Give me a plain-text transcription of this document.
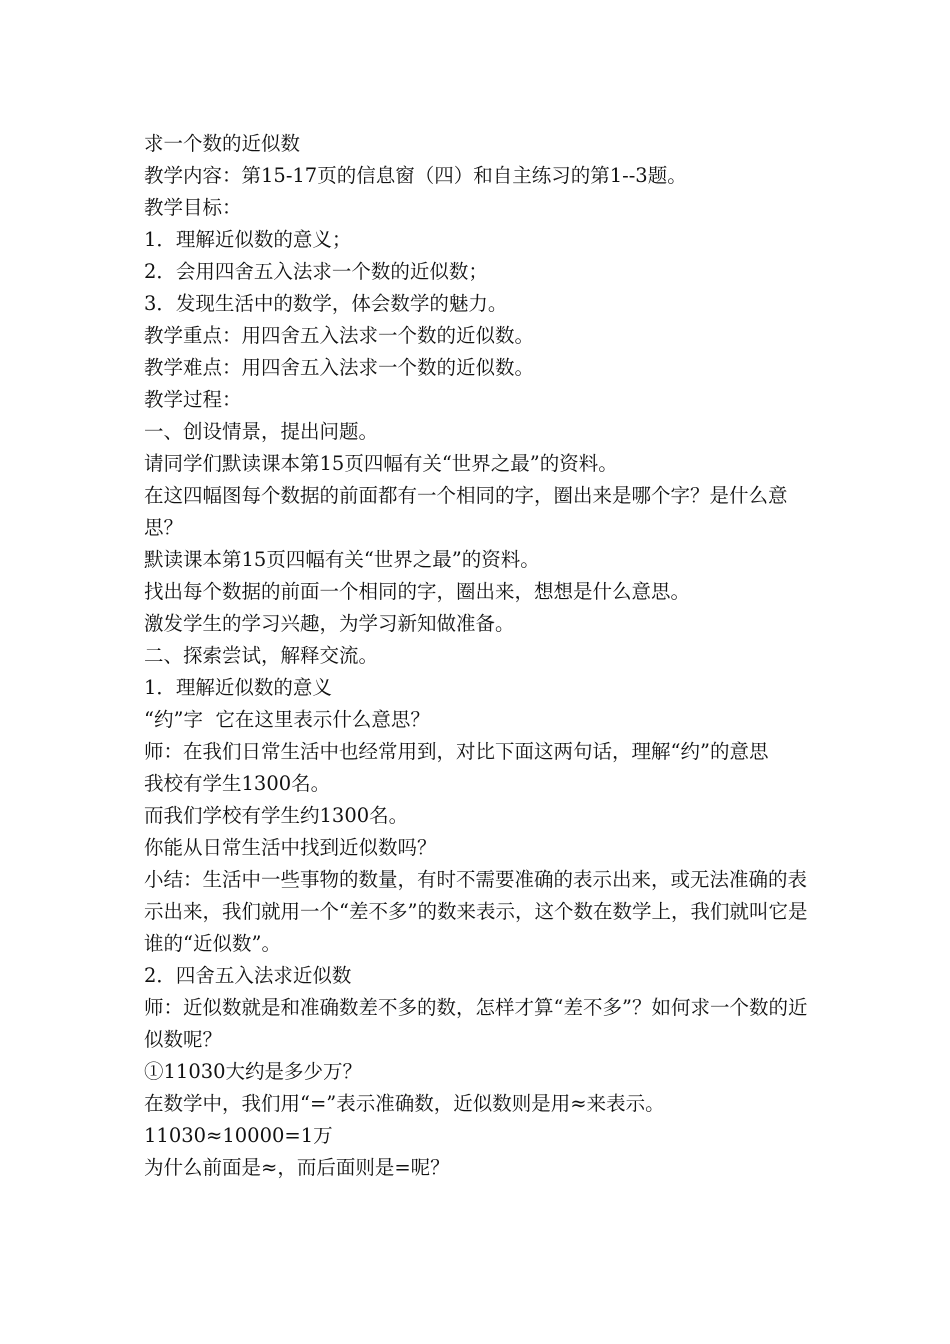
求一个数的近似数

教学内容：第15-17页的信息窗（四）和自主练习的第1--3题。

教学目标：

1．理解近似数的意义；

2．会用四舍五入法求一个数的近似数；

3．发现生活中的数学，体会数学的魅力。

教学重点：用四舍五入法求一个数的近似数。

教学难点：用四舍五入法求一个数的近似数。

教学过程：

一、创设情景，提出问题。

请同学们默读课本第15页四幅有关“世界之最”的资料。

在这四幅图每个数据的前面都有一个相同的字，圈出来是哪个字？是什么意思？

默读课本第15页四幅有关“世界之最”的资料。

找出每个数据的前面一个相同的字，圈出来，想想是什么意思。

激发学生的学习兴趣，为学习新知做准备。

二、探索尝试，解释交流。

1．理解近似数的意义

“约”字  它在这里表示什么意思？

师：在我们日常生活中也经常用到，对比下面这两句话，理解“约”的意思

我校有学生1300名。

而我们学校有学生约1300名。

你能从日常生活中找到近似数吗？

小结：生活中一些事物的数量，有时不需要准确的表示出来，或无法准确的表示出来，我们就用一个“差不多”的数来表示，这个数在数学上，我们就叫它是谁的“近似数”。

2．四舍五入法求近似数

师：近似数就是和准确数差不多的数，怎样才算“差不多”？如何求一个数的近似数呢？

①11030大约是多少万？

在数学中，我们用“=”表示准确数，近似数则是用≈来表示。

11030≈10000=1万

为什么前面是≈，而后面则是=呢？
